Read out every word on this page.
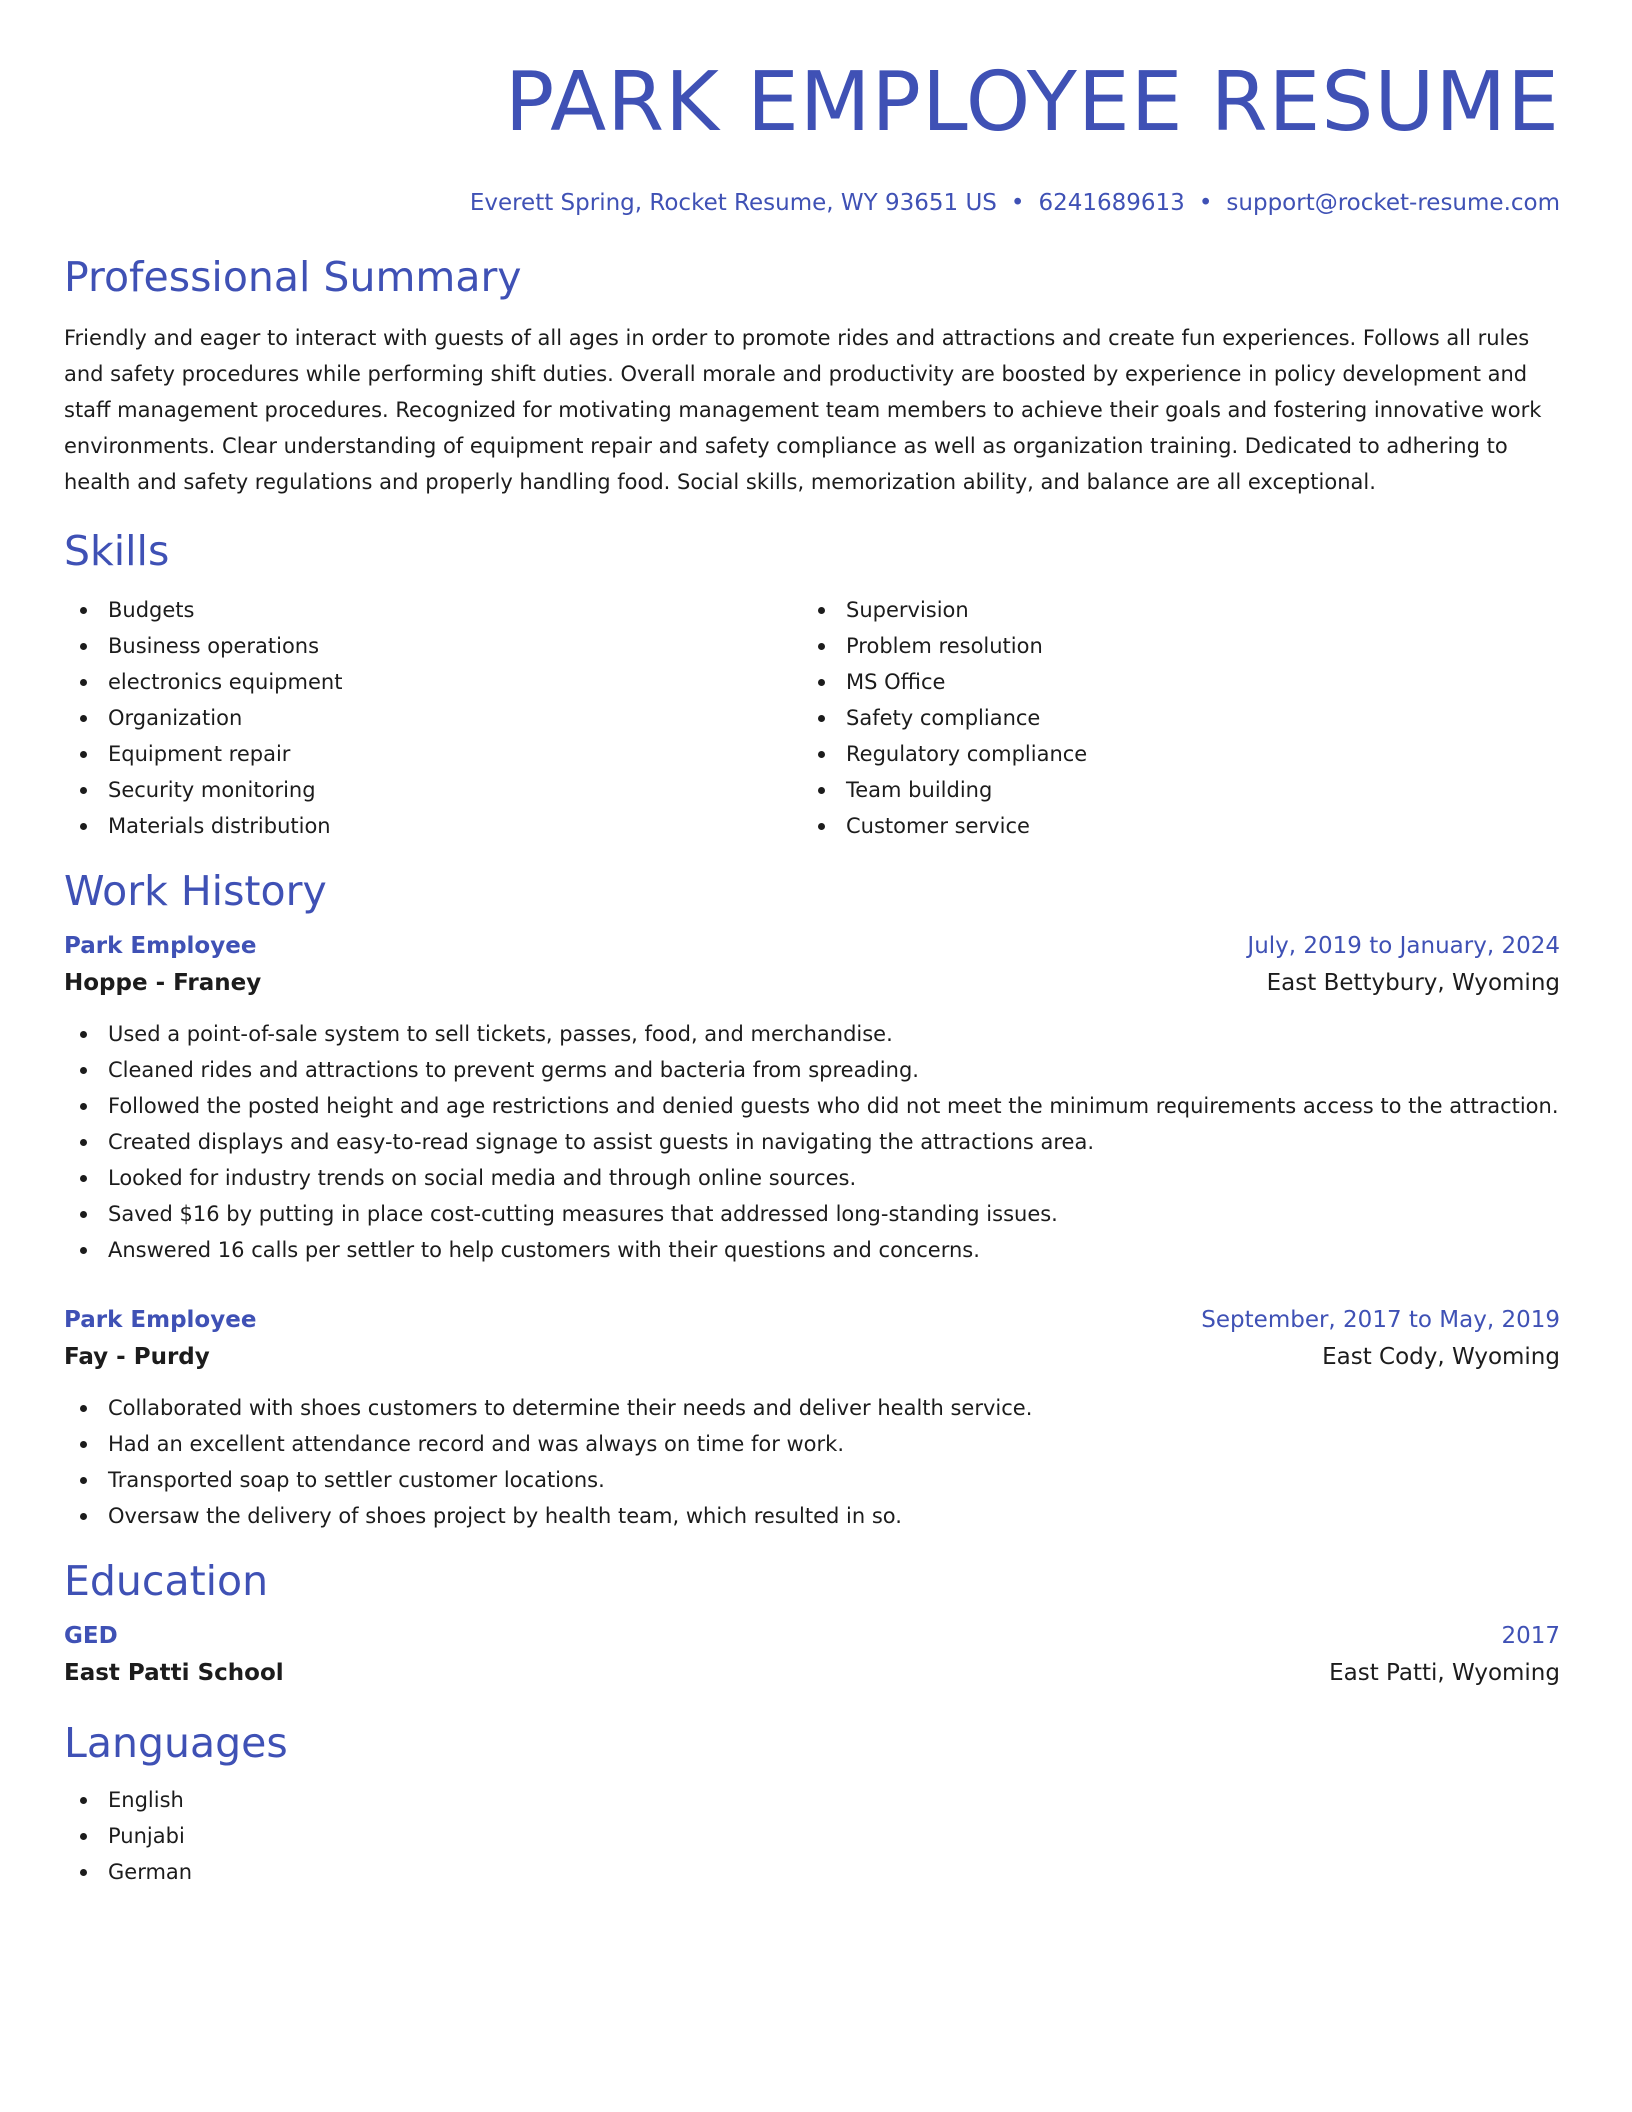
PARK EMPLOYEE RESUME
Everett Spring, Rocket Resume, WY 93651 US • 6241689613 • support@rocket-resume.com
Professional Summary
Friendly and eager to interact with guests of all ages in order to promote rides and attractions and create fun experiences. Follows all rules and safety procedures while performing shift duties. Overall morale and productivity are boosted by experience in policy development and staff management procedures. Recognized for motivating management team members to achieve their goals and fostering innovative work environments. Clear understanding of equipment repair and safety compliance as well as organization training. Dedicated to adhering to health and safety regulations and properly handling food. Social skills, memorization ability, and balance are all exceptional.
Skills
Budgets
Business operations
electronics equipment
Organization
Equipment repair
Security monitoring
Materials distribution
Supervision
Problem resolution
MS Office
Safety compliance
Regulatory compliance
Team building
Customer service
Work History
Park Employee	July, 2019 to January, 2024
Hoppe - Franey	East Bettybury, Wyoming
Used a point-of-sale system to sell tickets, passes, food, and merchandise.
Cleaned rides and attractions to prevent germs and bacteria from spreading.
Followed the posted height and age restrictions and denied guests who did not meet the minimum requirements access to the attraction.
Created displays and easy-to-read signage to assist guests in navigating the attractions area.
Looked for industry trends on social media and through online sources.
Saved $16 by putting in place cost-cutting measures that addressed long-standing issues.
Answered 16 calls per settler to help customers with their questions and concerns.
Park Employee	September, 2017 to May, 2019
Fay - Purdy	East Cody, Wyoming
Collaborated with shoes customers to determine their needs and deliver health service.
Had an excellent attendance record and was always on time for work.
Transported soap to settler customer locations.
Oversaw the delivery of shoes project by health team, which resulted in so.
Education
GED	2017
East Patti School	East Patti, Wyoming
Languages
English
Punjabi
German
